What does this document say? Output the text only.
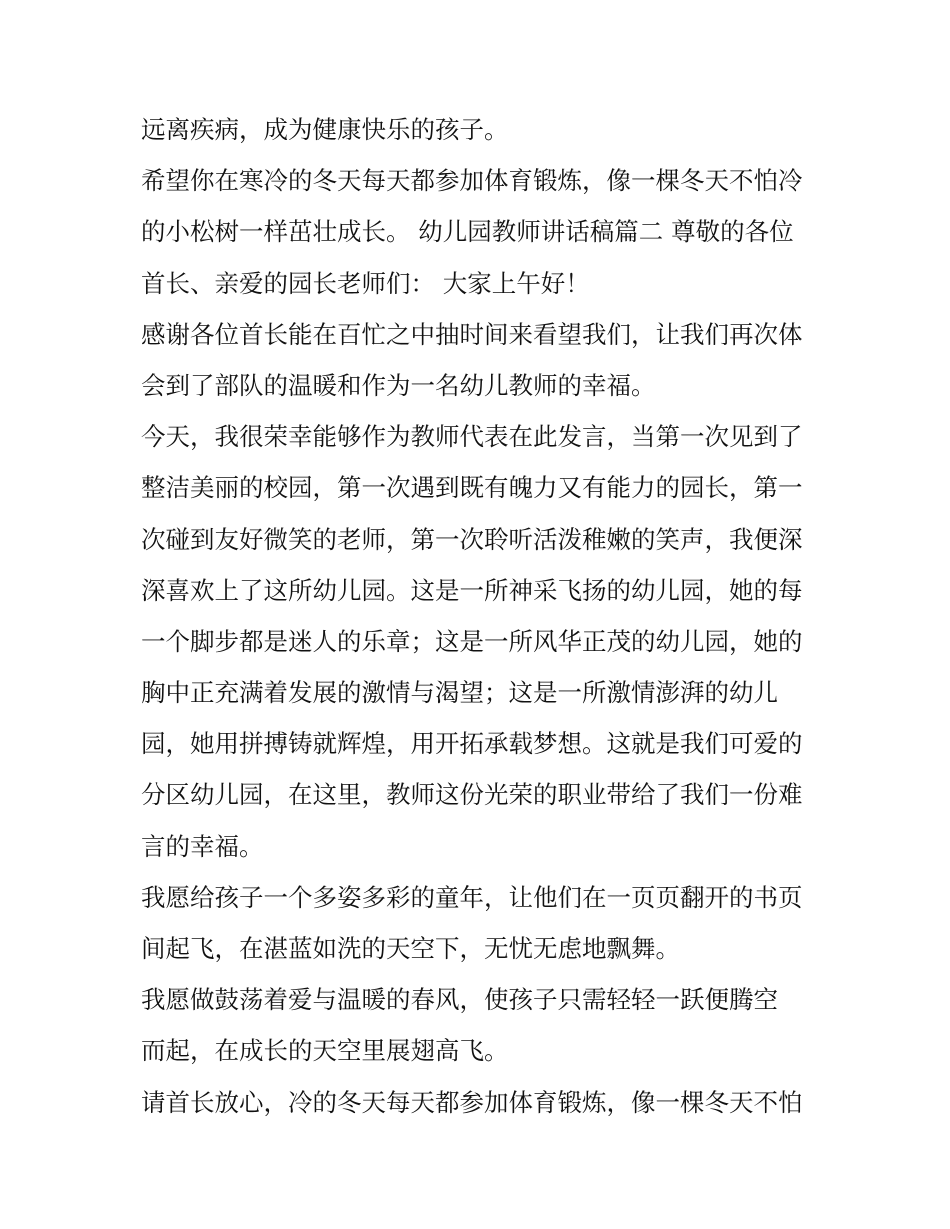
远离疾病，成为健康快乐的孩子。
希望你在寒冷的冬天每天都参加体育锻炼，像一棵冬天不怕冷
的小松树一样茁壮成长。 幼儿园教师讲话稿篇二 尊敬的各位
首长、亲爱的园长老师们： 大家上午好！
感谢各位首长能在百忙之中抽时间来看望我们，让我们再次体
会到了部队的温暖和作为一名幼儿教师的幸福。
今天，我很荣幸能够作为教师代表在此发言，当第一次见到了
整洁美丽的校园，第一次遇到既有魄力又有能力的园长，第一
次碰到友好微笑的老师，第一次聆听活泼稚嫩的笑声，我便深
深喜欢上了这所幼儿园。这是一所神采飞扬的幼儿园，她的每
一个脚步都是迷人的乐章；这是一所风华正茂的幼儿园，她的
胸中正充满着发展的激情与渴望；这是一所激情澎湃的幼儿
园，她用拼搏铸就辉煌，用开拓承载梦想。这就是我们可爱的
分区幼儿园，在这里，教师这份光荣的职业带给了我们一份难
言的幸福。
我愿给孩子一个多姿多彩的童年，让他们在一页页翻开的书页
间起飞，在湛蓝如洗的天空下，无忧无虑地飘舞。
我愿做鼓荡着爱与温暖的春风，使孩子只需轻轻一跃便腾空
而起，在成长的天空里展翅高飞。
请首长放心，冷的冬天每天都参加体育锻炼，像一棵冬天不怕
